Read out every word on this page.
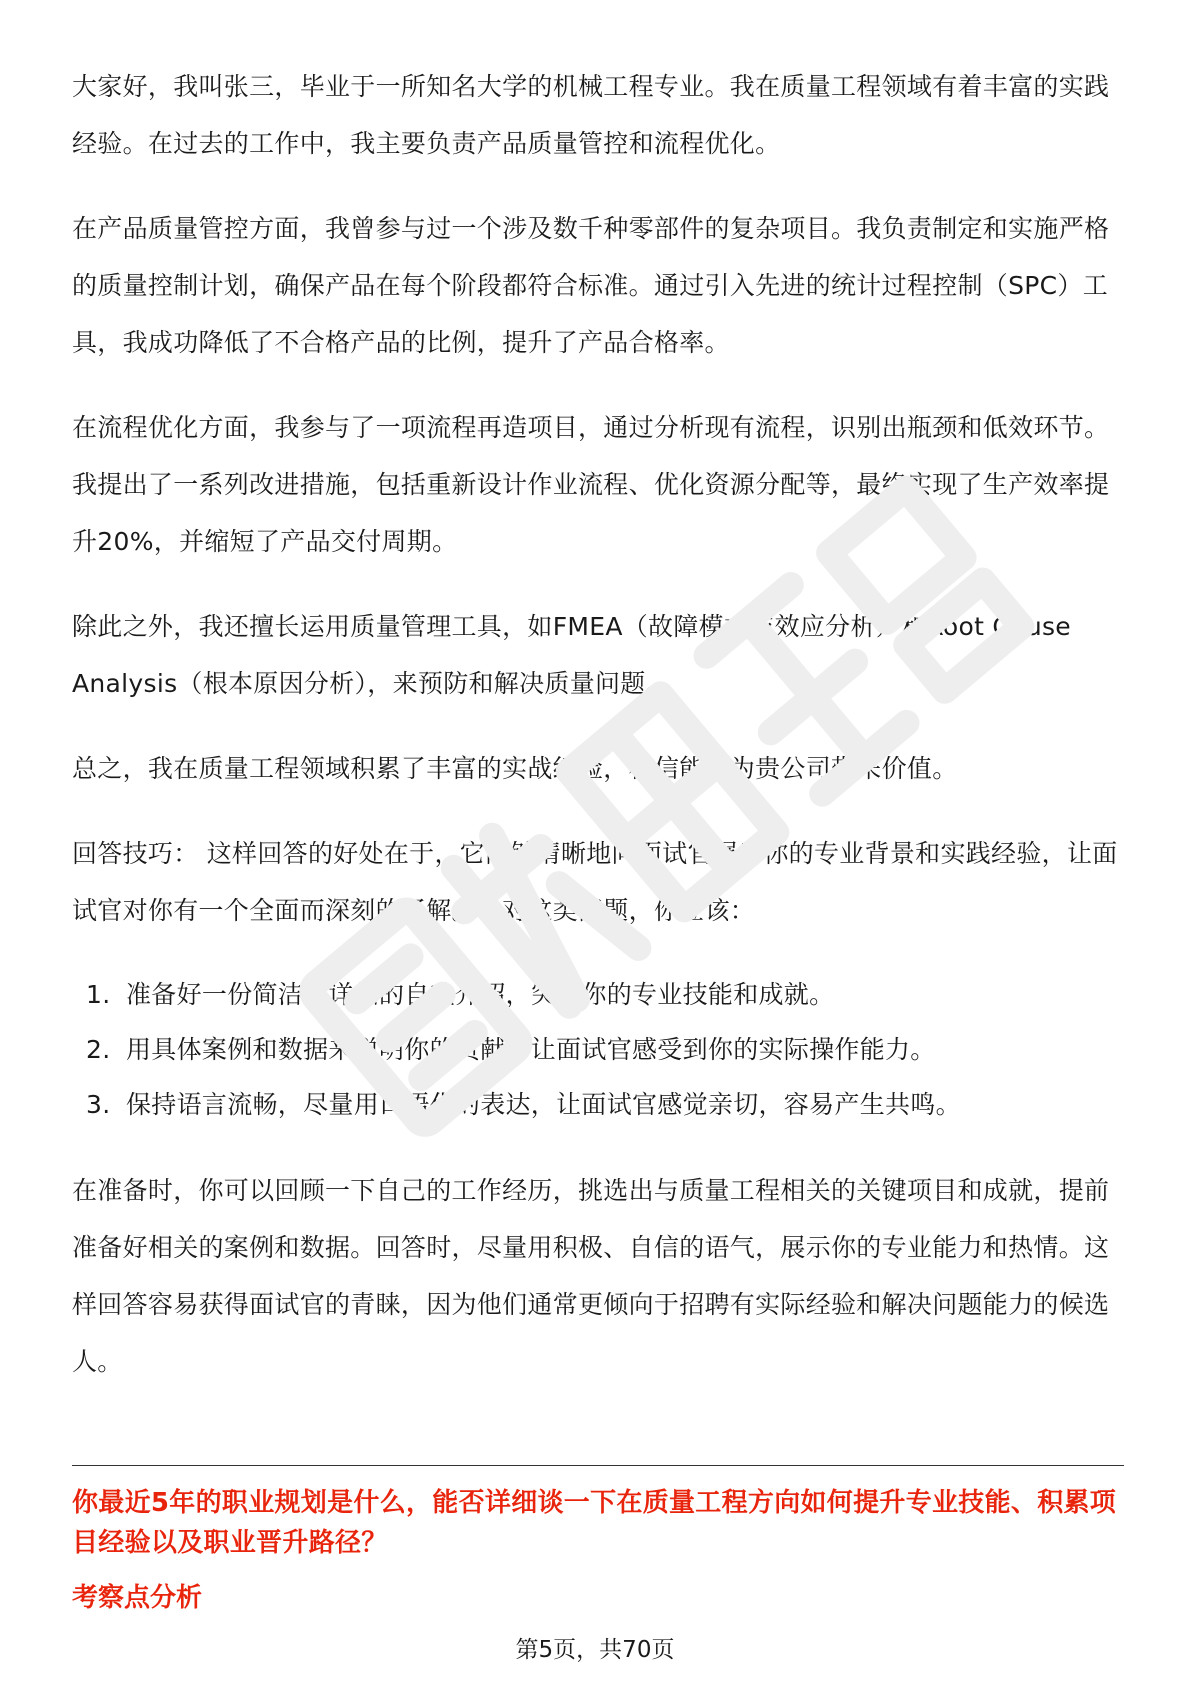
大家好，我叫张三，毕业于一所知名大学的机械工程专业。我在质量工程领域有着丰富的实践经验。在过去的工作中，我主要负责产品质量管控和流程优化。

在产品质量管控方面，我曾参与过一个涉及数千种零部件的复杂项目。我负责制定和实施严格的质量控制计划，确保产品在每个阶段都符合标准。通过引入先进的统计过程控制（SPC）工具，我成功降低了不合格产品的比例，提升了产品合格率。

在流程优化方面，我参与了一项流程再造项目，通过分析现有流程，识别出瓶颈和低效环节。我提出了一系列改进措施，包括重新设计作业流程、优化资源分配等，最终实现了生产效率提升20%，并缩短了产品交付周期。

除此之外，我还擅长运用质量管理工具，如FMEA（故障模式与效应分析）和Root Cause Analysis（根本原因分析），来预防和解决质量问题。

总之，我在质量工程领域积累了丰富的实战经验，相信能够为贵公司带来价值。

回答技巧： 这样回答的好处在于，它能够清晰地向面试官展示你的专业背景和实践经验，让面试官对你有一个全面而深刻的了解。针对这类问题，你应该：

1. 准备好一份简洁而详细的自我介绍，突出你的专业技能和成就。
2. 用具体案例和数据来说明你的贡献，让面试官感受到你的实际操作能力。
3. 保持语言流畅，尽量用口语化的表达，让面试官感觉亲切，容易产生共鸣。

在准备时，你可以回顾一下自己的工作经历，挑选出与质量工程相关的关键项目和成就，提前准备好相关的案例和数据。回答时，尽量用积极、自信的语气，展示你的专业能力和热情。这样回答容易获得面试官的青睐，因为他们通常更倾向于招聘有实际经验和解决问题能力的候选人。

你最近5年的职业规划是什么，能否详细谈一下在质量工程方向如何提升专业技能、积累项目经验以及职业晋升路径？

考察点分析

第5页，共70页
